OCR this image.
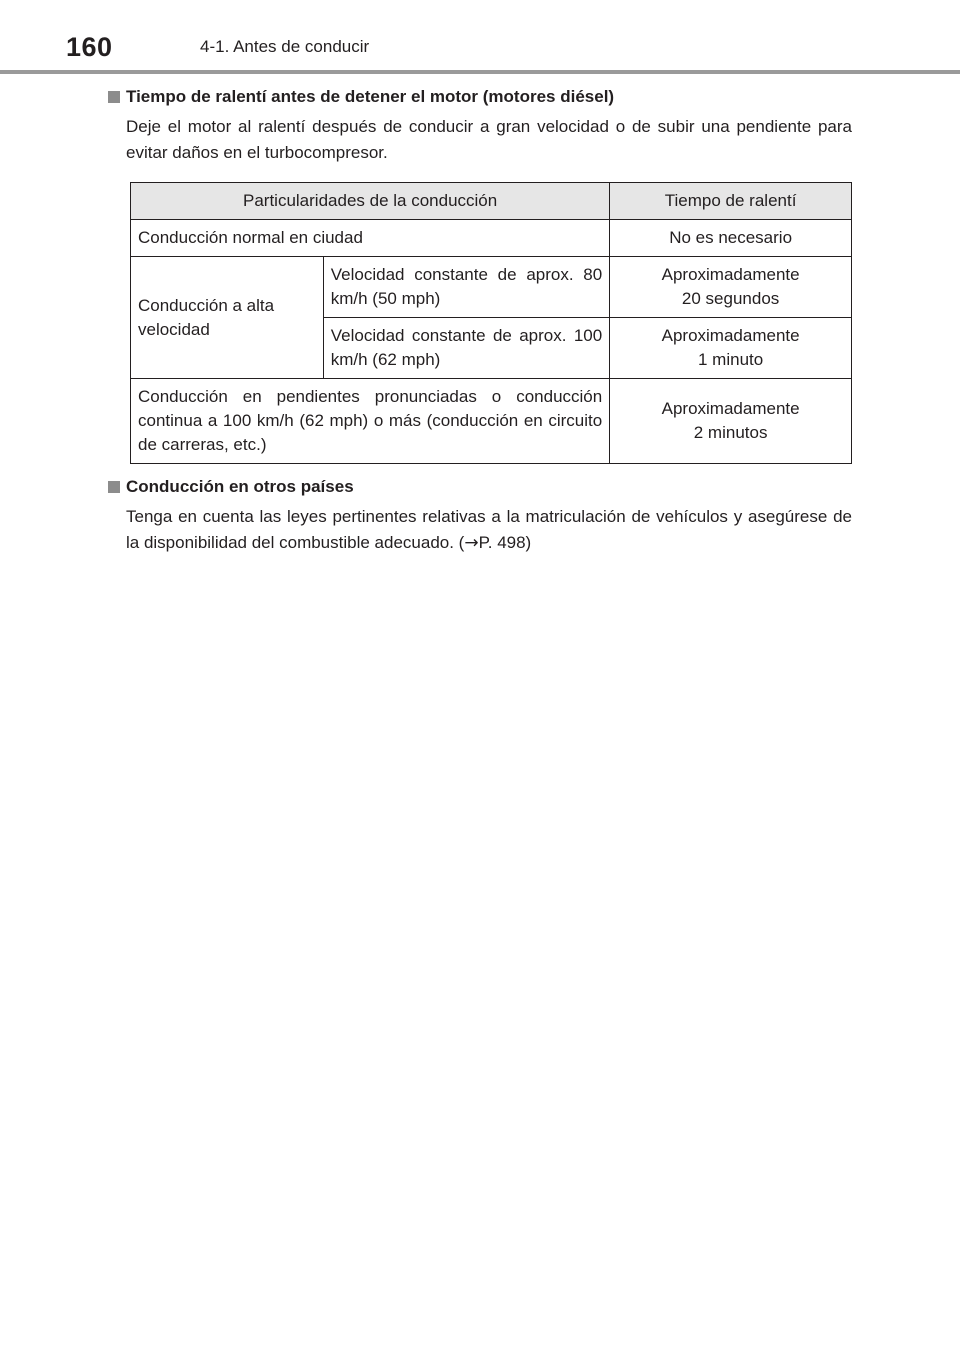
160	4-1. Antes de conducir
Tiempo de ralentí antes de detener el motor (motores diésel)
Deje el motor al ralentí después de conducir a gran velocidad o de subir una pendiente para evitar daños en el turbocompresor.
Particularidades de la conducción		Tiempo de ralentí
Conducción normal en ciudad		No es necesario
Conducción a alta velocidad	Velocidad constante de aprox. 80 km/h (50 mph)	Aproximadamente
20 segundos
	Velocidad constante de aprox. 100 km/h (62 mph)	Aproximadamente
1 minuto
Conducción en pendientes pronunciadas o conducción continua a 100 km/h (62 mph) o más (conducción en circuito de carreras, etc.)		Aproximadamente
2 minutos
Conducción en otros países
Tenga en cuenta las leyes pertinentes relativas a la matriculación de vehículos y asegúrese de la disponibilidad del combustible adecuado. (→P. 498)
